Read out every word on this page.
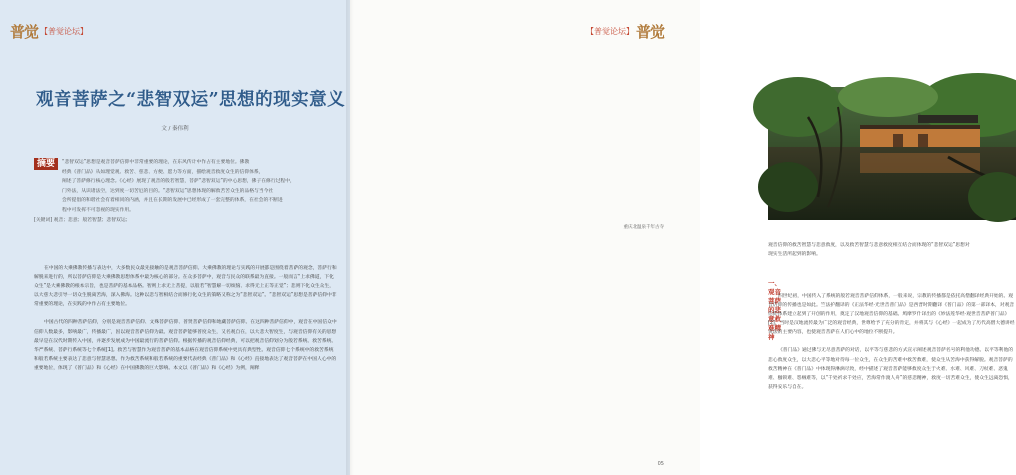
普觉 【普觉论坛】
观音菩萨之“悲智双运”思想的现实意义
文 / 秦伟利
“悲智双运”思想是观音菩萨信仰中非常重要的理论，在东风传计中作占有主要地位。佛教
经典《普门品》从如理觉观、救苦、慈悲、方便、愿力等方面，描绘观音救度众生的信仰体系，
阐述了菩萨修行核心理念。《心经》展现了观音的般若智慧，菩萨“悲智双运”的中心思想，佛子在修行过程中，
门外法，从识诸法空，达到度一切苦厄的目的。“悲智双运”思想体现的解救苦苦众生的品格与当今社
会所提倡的和谐社会有着相同的内涵，并且在长期的发展中已经形成了一套完整的体系，在社会的不断进
程中可发挥不可忽视的现实作用。
摘要
[关键词] 观音；悲意；般若智慧；悲智双运；

在中国的大乘佛教传播与表达中，大多数民众最先接触的是观音菩萨信仰。大乘佛教的理论与实践的开展都是围绕着菩萨的观念，菩萨行和解脱来进行的，所以菩萨信仰是大乘佛教思想体系中最为核心的部分。在众多菩萨中，观音与民众的联系最为直接。一般而言“上求佛道，下化众生”是大乘佛教的根本宗旨，也是菩萨的基本品格。智则上求无上菩提，以般若“智慧解一切烦恼、求得无上正等正觉”；悲则下化众生众生，以大慈大悲引导一切众生脱离苦海，深入佛海。这种以悲与智相结合而修行化众生的策略又称之为“悲智双运”。“悲智双运”思想是菩萨信仰中非常重要的理论，在实践的中作占有主要地位。

中国古代的四种菩萨信仰，分别是观音菩萨信仰、文殊菩萨信仰、普贤菩萨信仰和地藏菩萨信仰。在这四种菩萨信仰中，观音在中国信众中信仰人数最多，影响最广，传播最广，因以观音菩萨信仰为最。观音菩萨能够普度众生，又名观自在，以大悲大智度生，与观音信仰有关的思想最早是在汉代时期传入中国，并逐步发展成为中国最流行的菩萨信仰。根据传播的观音信仰经典，可以把观音信仰划分为般若系统、救苦系统、华严系统、菩萨行系统等七个系统[1]。救苦与智慧作为观音菩萨的基本品格在观音信仰系统中更具有典型性。观音信仰七个系统中的救苦系统和般若系统主要表达了悲意与智慧思想。作为救苦系统和般若系统的重要代表经典《普门品》和《心经》直接地表达了观音菩萨在中国人心中的重要地位，体现了《普门品》和《心经》在中国佛教的巨大影响。本文以《普门品》和《心经》为例，阐释

【普觉论坛】 普觉
重庆北温泉千年古寺

观音信仰的救苦智慧与悲意救度，以及救苦智慧与悲意救度相互结合而体现的“悲智双运”思想对

现实生活所起到的影响。

一、观音菩萨的悲意救难精神

四世纪初，中国传入了系统的般若观音菩萨信仰体系，一般来说，宗教的传播都是依托高僧翻译经典开始的。观音信仰的传播也是如此。竺法护翻译的《正法华经·光世音普门品》是西晋时期翻译《普门品》的第一部译本，对观音信仰体系建立起到了开创的作用，奠定了汉地观音信仰的基础。鸠摩罗什译出的《妙法莲华经·观世音菩萨普门品》[2]，当时是汉地流传最为广泛的观音经典，世尊给予了充分的肯定，并将其与《心经》一起成为了历代高僧大德讲经说法的主要内容，也使观音菩萨在人们心中的地位不断提升。

《普门品》通过佛与无尽意菩萨的对话，以平等与慈悲的方式宣示阐述观音菩萨名号的利他功德。以平等利他的悲心救度众生，以大悲心平等地对待每一位众生，在众生的苦难中救苦救难，使众生从苦海中获得解脱。观音菩萨的救苦精神在《普门品》中体现得淋漓尽致，经中描述了观音菩萨能够救度众生于火难、水难、风难、刀杖难、恶鬼难、枷锁难、怨贼难等，以“千处祈求千处应，苦海常作渡人舟”的慈悲精神，救度一切苦难众生，使众生远离恐惧，获得安乐与自在。

05
